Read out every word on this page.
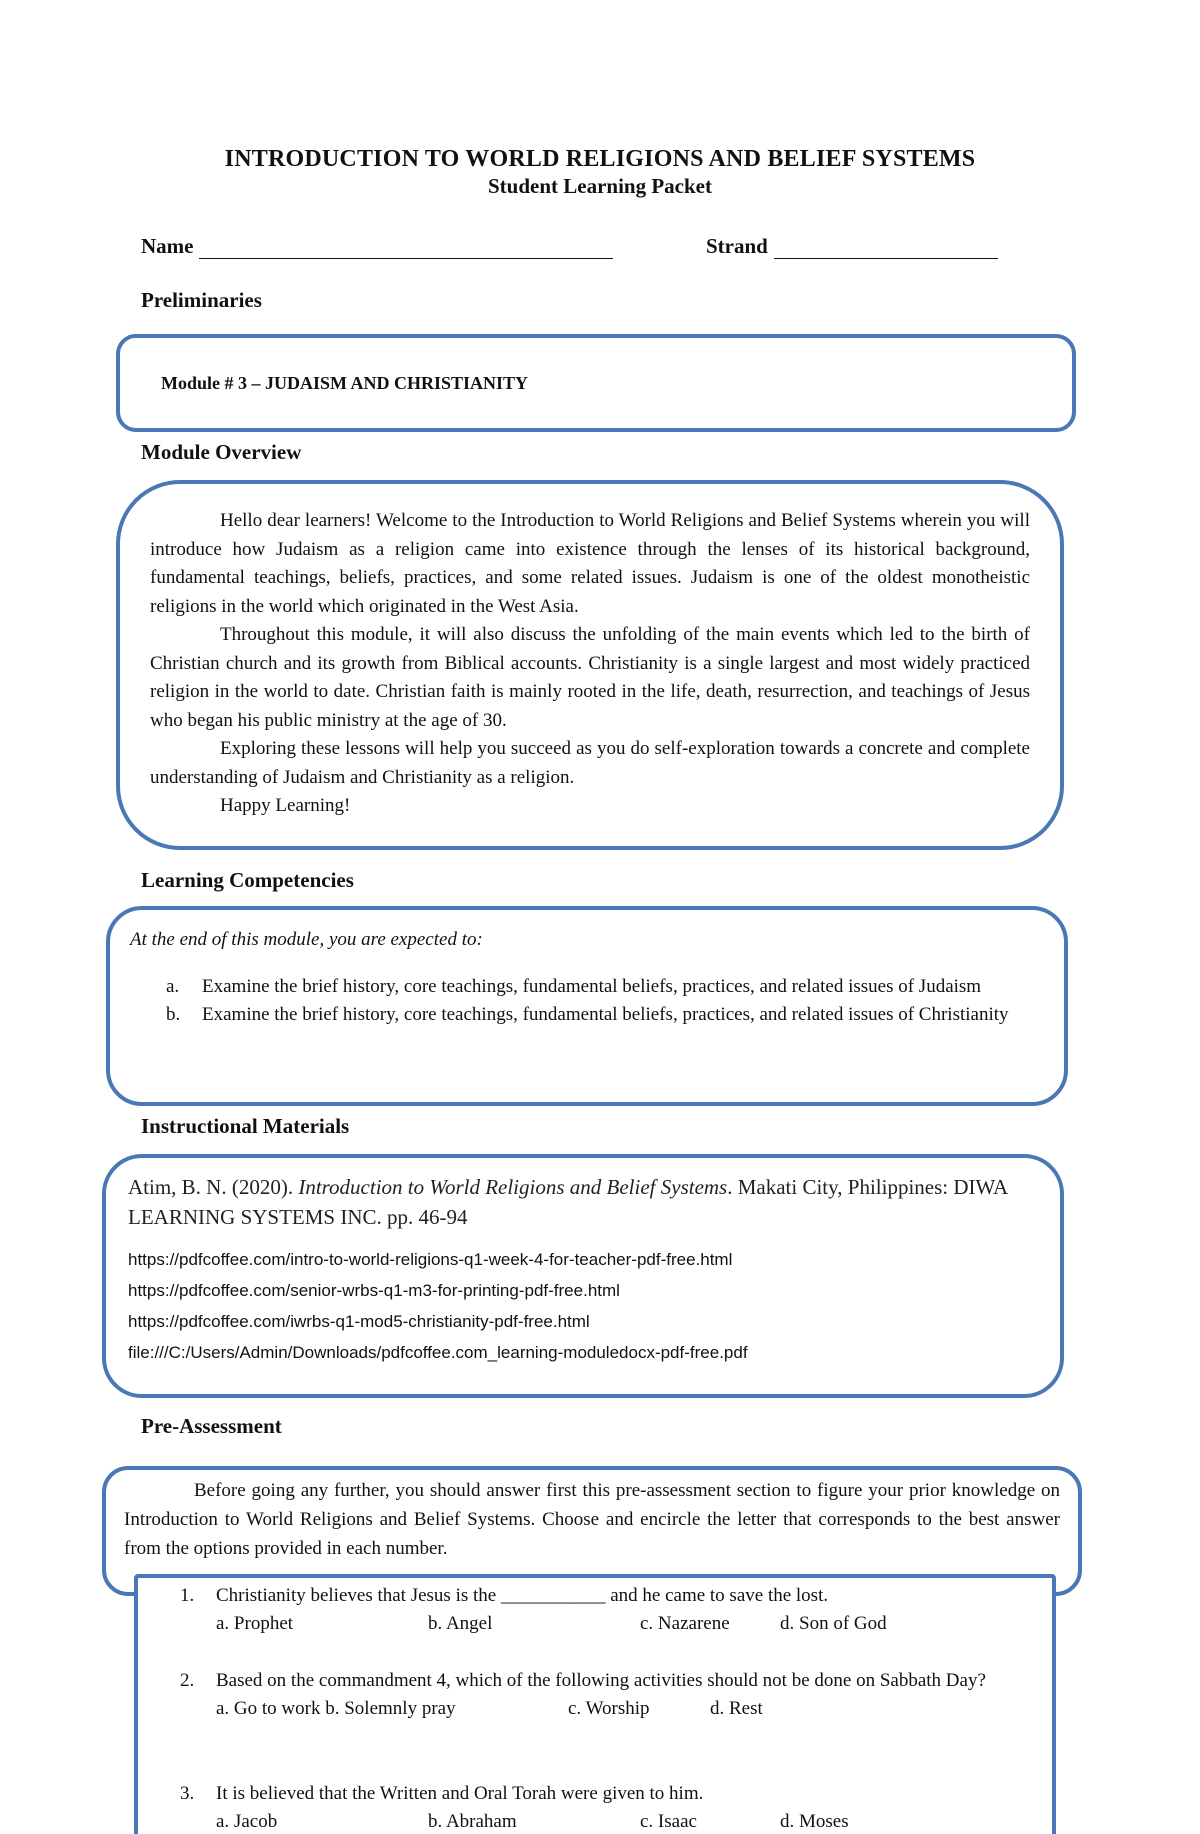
INTRODUCTION TO WORLD RELIGIONS AND BELIEF SYSTEMS
Student Learning Packet
Name	Strand
Preliminaries
Module # 3 – JUDAISM AND CHRISTIANITY
Module Overview

Hello dear learners! Welcome to the Introduction to World Religions and Belief Systems wherein you will introduce how Judaism as a religion came into existence through the lenses of its historical background, fundamental teachings, beliefs, practices, and some related issues. Judaism is one of the oldest monotheistic religions in the world which originated in the West Asia.

Throughout this module, it will also discuss the unfolding of the main events which led to the birth of Christian church and its growth from Biblical accounts. Christianity is a single largest and most widely practiced religion in the world to date. Christian faith is mainly rooted in the life, death, resurrection, and teachings of Jesus who began his public ministry at the age of 30.

Exploring these lessons will help you succeed as you do self-exploration towards a concrete and complete understanding of Judaism and Christianity as a religion.

Happy Learning!

Learning Competencies

At the end of this module, you are expected to:

a.	Examine the brief history, core teachings, fundamental beliefs, practices, and related issues of Judaism
b.	Examine the brief history, core teachings, fundamental beliefs, practices, and related issues of Christianity
Instructional Materials

Atim, B. N. (2020). Introduction to World Religions and Belief Systems. Makati City, Philippines: DIWA LEARNING SYSTEMS INC. pp. 46-94

https://pdfcoffee.com/intro-to-world-religions-q1-week-4-for-teacher-pdf-free.html
https://pdfcoffee.com/senior-wrbs-q1-m3-for-printing-pdf-free.html
https://pdfcoffee.com/iwrbs-q1-mod5-christianity-pdf-free.html
file:///C:/Users/Admin/Downloads/pdfcoffee.com_learning-moduledocx-pdf-free.pdf
Pre-Assessment

Before going any further, you should answer first this pre-assessment section to figure your prior knowledge on Introduction to World Religions and Belief Systems. Choose and encircle the letter that corresponds to the best answer from the options provided in each number.

1.	Christianity believes that Jesus is the ___________ and he came to save the lost.
a. Prophet	b. Angel	c. Nazarene	d. Son of God
2.	Based on the commandment 4, which of the following activities should not be done on Sabbath Day?
a. Go to work b. Solemnly pray	c. Worship	d. Rest
3.	It is believed that the Written and Oral Torah were given to him.
a. Jacob	b. Abraham	c. Isaac	d. Moses
